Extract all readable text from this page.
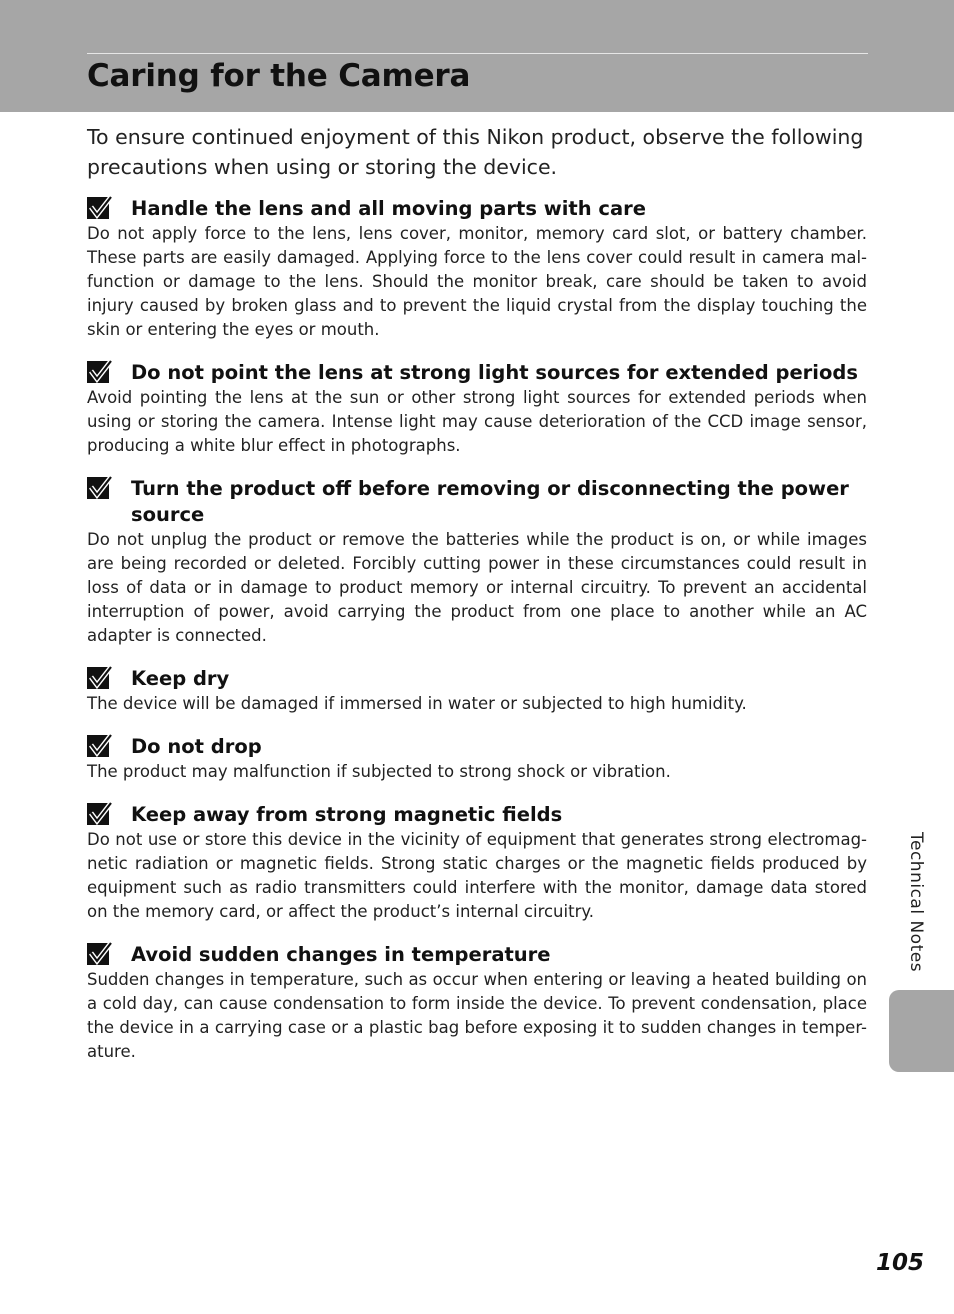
Caring for the Camera

To ensure continued enjoyment of this Nikon product, observe the following precautions when using or storing the device.

Handle the lens and all moving parts with care

Do not apply force to the lens, lens cover, monitor, memory card slot, or battery chamber. These parts are easily damaged. Applying force to the lens cover could result in camera mal-function or damage to the lens. Should the monitor break, care should be taken to avoid injury caused by broken glass and to prevent the liquid crystal from the display touching the skin or entering the eyes or mouth.

Do not point the lens at strong light sources for extended periods

Avoid pointing the lens at the sun or other strong light sources for extended periods when using or storing the camera. Intense light may cause deterioration of the CCD image sensor, producing a white blur effect in photographs.

Turn the product off before removing or disconnecting the power source

Do not unplug the product or remove the batteries while the product is on, or while images are being recorded or deleted. Forcibly cutting power in these circumstances could result in loss of data or in damage to product memory or internal circuitry. To prevent an accidental interruption of power, avoid carrying the product from one place to another while an AC adapter is connected.

Keep dry

The device will be damaged if immersed in water or subjected to high humidity.

Do not drop

The product may malfunction if subjected to strong shock or vibration.

Keep away from strong magnetic fields

Do not use or store this device in the vicinity of equipment that generates strong electromag-netic radiation or magnetic fields. Strong static charges or the magnetic fields produced by equipment such as radio transmitters could interfere with the monitor, damage data stored on the memory card, or affect the product’s internal circuitry.

Avoid sudden changes in temperature

Sudden changes in temperature, such as occur when entering or leaving a heated building on a cold day, can cause condensation to form inside the device. To prevent condensation, place the device in a carrying case or a plastic bag before exposing it to sudden changes in temper-ature.

Technical Notes
105
